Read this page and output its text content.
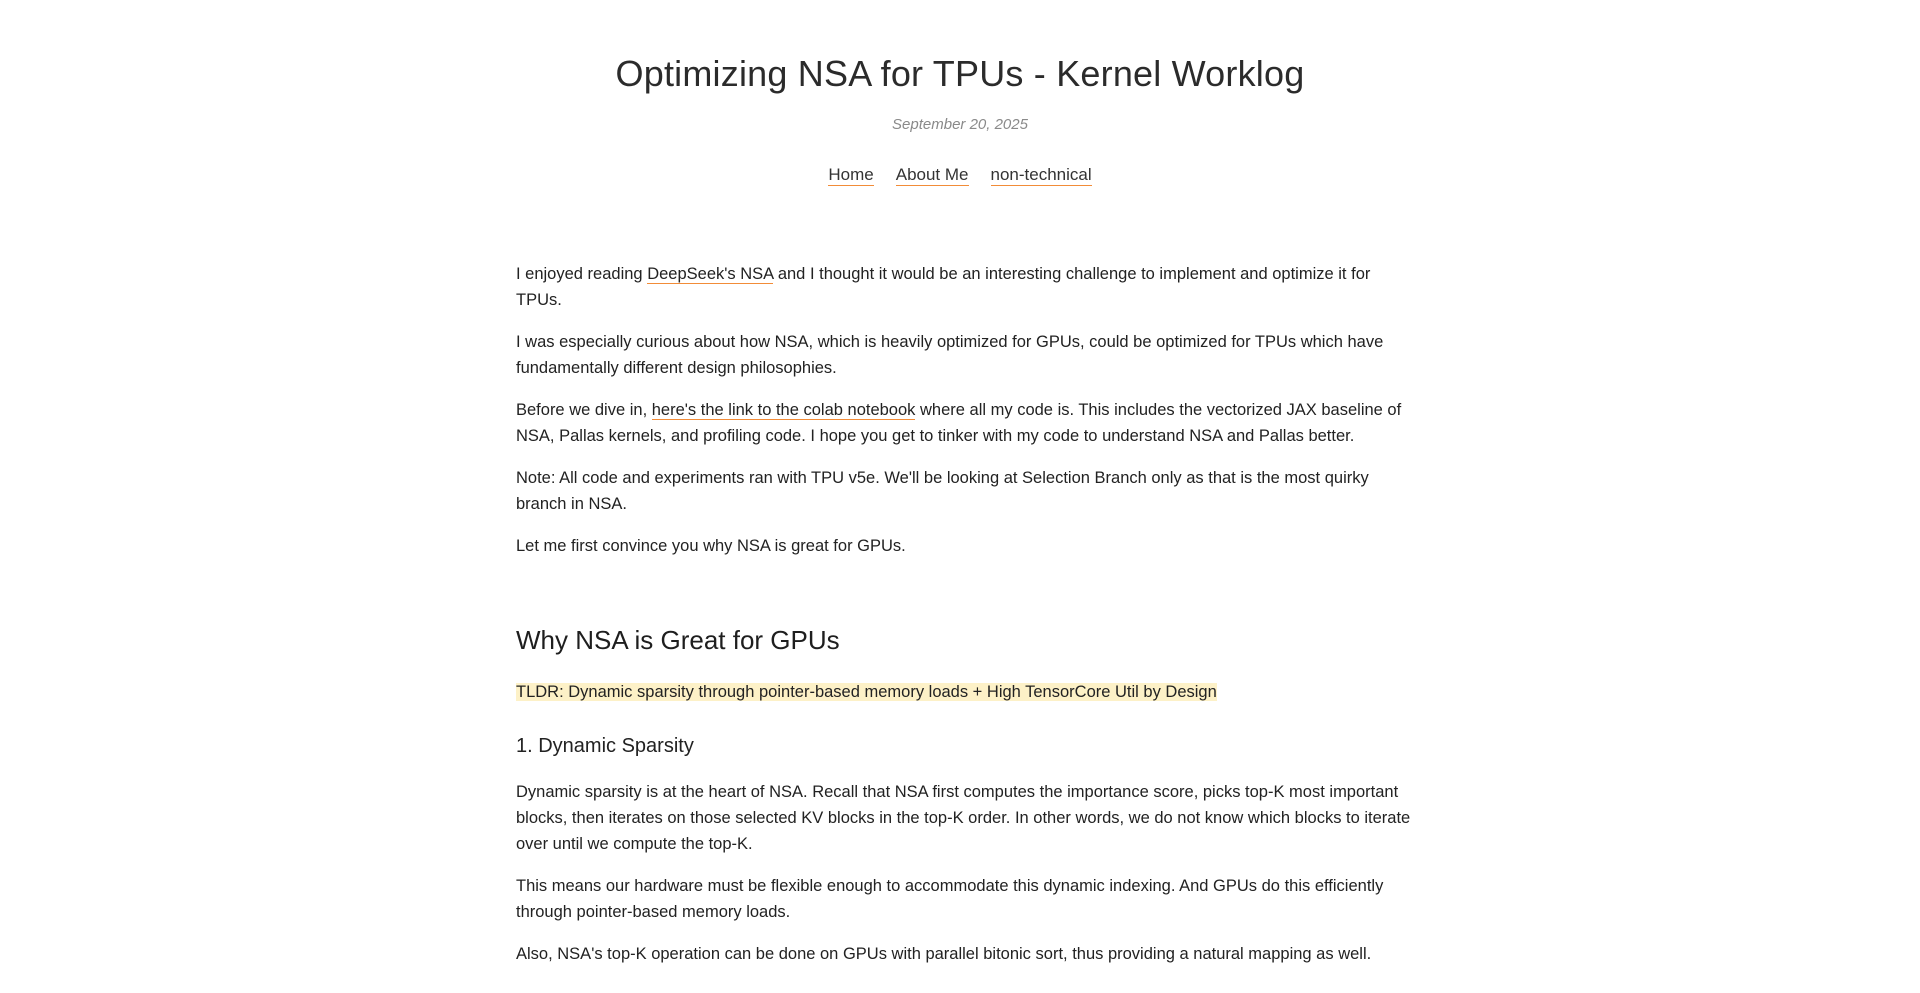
Optimizing NSA for TPUs - Kernel Worklog
September 20, 2025
Home About Me non-technical

I enjoyed reading DeepSeek's NSA and I thought it would be an interesting challenge to implement and optimize it for TPUs.

I was especially curious about how NSA, which is heavily optimized for GPUs, could be optimized for TPUs which have fundamentally different design philosophies.

Before we dive in, here's the link to the colab notebook where all my code is. This includes the vectorized JAX baseline of NSA, Pallas kernels, and profiling code. I hope you get to tinker with my code to understand NSA and Pallas better.

Note: All code and experiments ran with TPU v5e. We'll be looking at Selection Branch only as that is the most quirky branch in NSA.

Let me first convince you why NSA is great for GPUs.

Why NSA is Great for GPUs
TLDR: Dynamic sparsity through pointer-based memory loads + High TensorCore Util by Design
1. Dynamic Sparsity

Dynamic sparsity is at the heart of NSA. Recall that NSA first computes the importance score, picks top-K most important blocks, then iterates on those selected KV blocks in the top-K order. In other words, we do not know which blocks to iterate over until we compute the top-K.

This means our hardware must be flexible enough to accommodate this dynamic indexing. And GPUs do this efficiently through pointer-based memory loads.

Also, NSA's top-K operation can be done on GPUs with parallel bitonic sort, thus providing a natural mapping as well.
